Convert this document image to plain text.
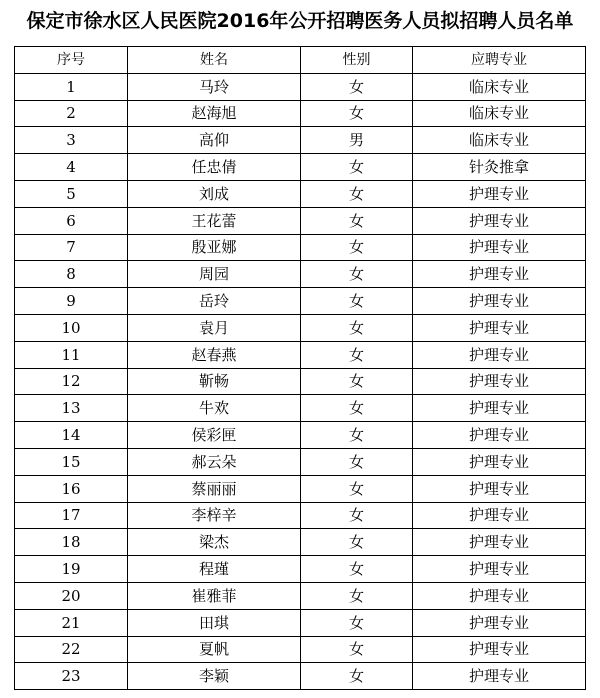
保定市徐水区人民医院2016年公开招聘医务人员拟招聘人员名单
序号	姓名	性别	应聘专业
1	马玲	女	临床专业
2	赵海旭	女	临床专业
3	高仰	男	临床专业
4	任忠倩	女	针灸推拿
5	刘成	女	护理专业
6	王花蕾	女	护理专业
7	殷亚娜	女	护理专业
8	周园	女	护理专业
9	岳玲	女	护理专业
10	袁月	女	护理专业
11	赵春燕	女	护理专业
12	靳畅	女	护理专业
13	牛欢	女	护理专业
14	侯彩匣	女	护理专业
15	郝云朵	女	护理专业
16	蔡丽丽	女	护理专业
17	李梓辛	女	护理专业
18	梁杰	女	护理专业
19	程瑾	女	护理专业
20	崔雅菲	女	护理专业
21	田琪	女	护理专业
22	夏帆	女	护理专业
23	李颖	女	护理专业
